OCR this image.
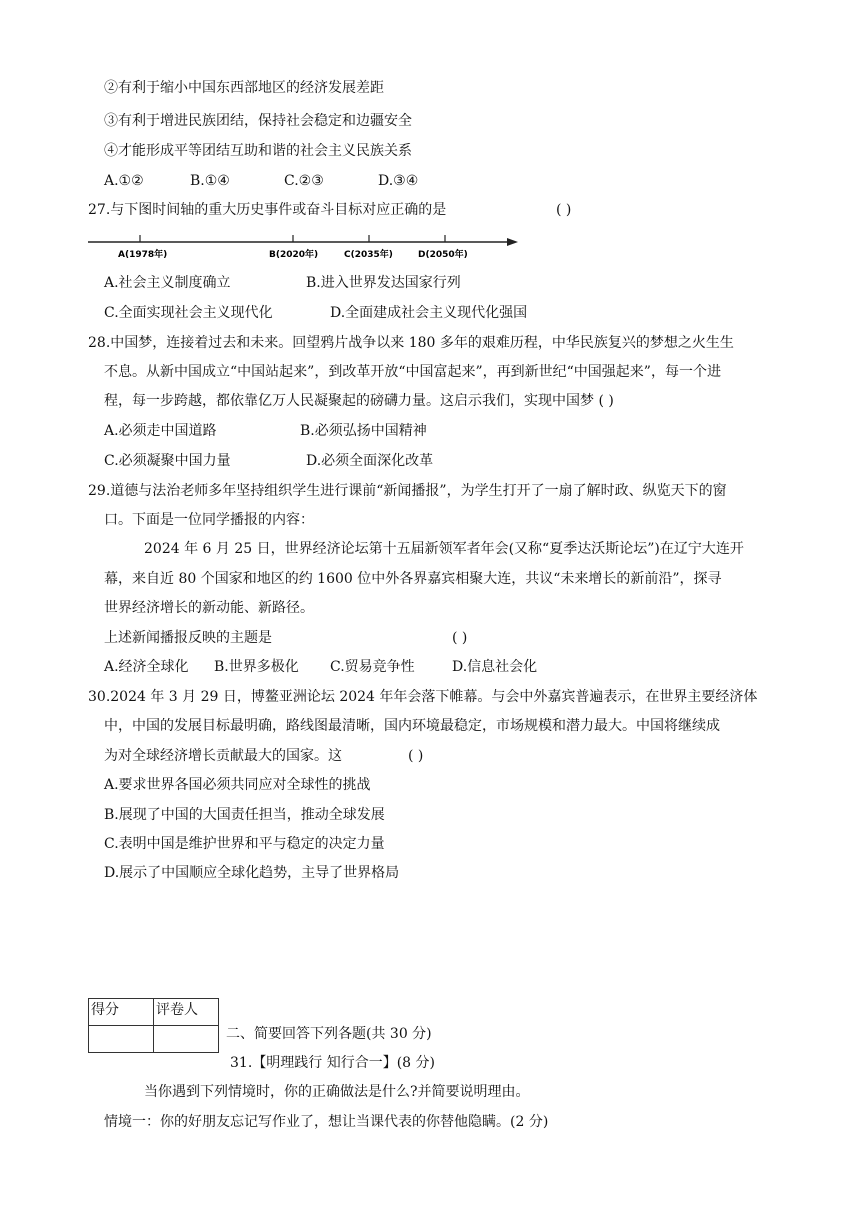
②有利于缩小中国东西部地区的经济发展差距
③有利于增进民族团结，保持社会稳定和边疆安全
④才能形成平等团结互助和谐的社会主义民族关系
A.①②	B.①④	C.②③	D.③④
27.与下图时间轴的重大历史事件或奋斗目标对应正确的是	( )
A(1978年)	B(2020年)	C(2035年)	D(2050年)
A.社会主义制度确立	B.进入世界发达国家行列
C.全面实现社会主义现代化	D.全面建成社会主义现代化强国
28.中国梦，连接着过去和未来。回望鸦片战争以来 180 多年的艰难历程，中华民族复兴的梦想之火生生
不息。从新中国成立“中国站起来”，到改革开放“中国富起来”，再到新世纪“中国强起来”，每一个进
程，每一步跨越，都依靠亿万人民凝聚起的磅礴力量。这启示我们，实现中国梦 ( )
A.必须走中国道路	B.必须弘扬中国精神
C.必须凝聚中国力量	D.必须全面深化改革
29.道德与法治老师多年坚持组织学生进行课前“新闻播报”，为学生打开了一扇了解时政、纵览天下的窗
口。下面是一位同学播报的内容：
2024 年 6 月 25 日，世界经济论坛第十五届新领军者年会(又称“夏季达沃斯论坛”)在辽宁大连开
幕，来自近 80 个国家和地区的约 1600 位中外各界嘉宾相聚大连，共议“未来增长的新前沿”，探寻
世界经济增长的新动能、新路径。
上述新闻播报反映的主题是	( )
A.经济全球化 B.世界多极化 C.贸易竞争性	D.信息社会化
30.2024 年 3 月 29 日，博鳌亚洲论坛 2024 年年会落下帷幕。与会中外嘉宾普遍表示，在世界主要经济体
中，中国的发展目标最明确，路线图最清晰，国内环境最稳定，市场规模和潜力最大。中国将继续成
为对全球经济增长贡献最大的国家。这	( )
A.要求世界各国必须共同应对全球性的挑战
B.展现了中国的大国责任担当，推动全球发展
C.表明中国是维护世界和平与稳定的决定力量
D.展示了中国顺应全球化趋势，主导了世界格局
得分	评卷人

二、简要回答下列各题(共 30 分)
31.【明理践行 知行合一】(8 分)
当你遇到下列情境时，你的正确做法是什么?并简要说明理由。
情境一：你的好朋友忘记写作业了，想让当课代表的你替他隐瞒。(2 分)
